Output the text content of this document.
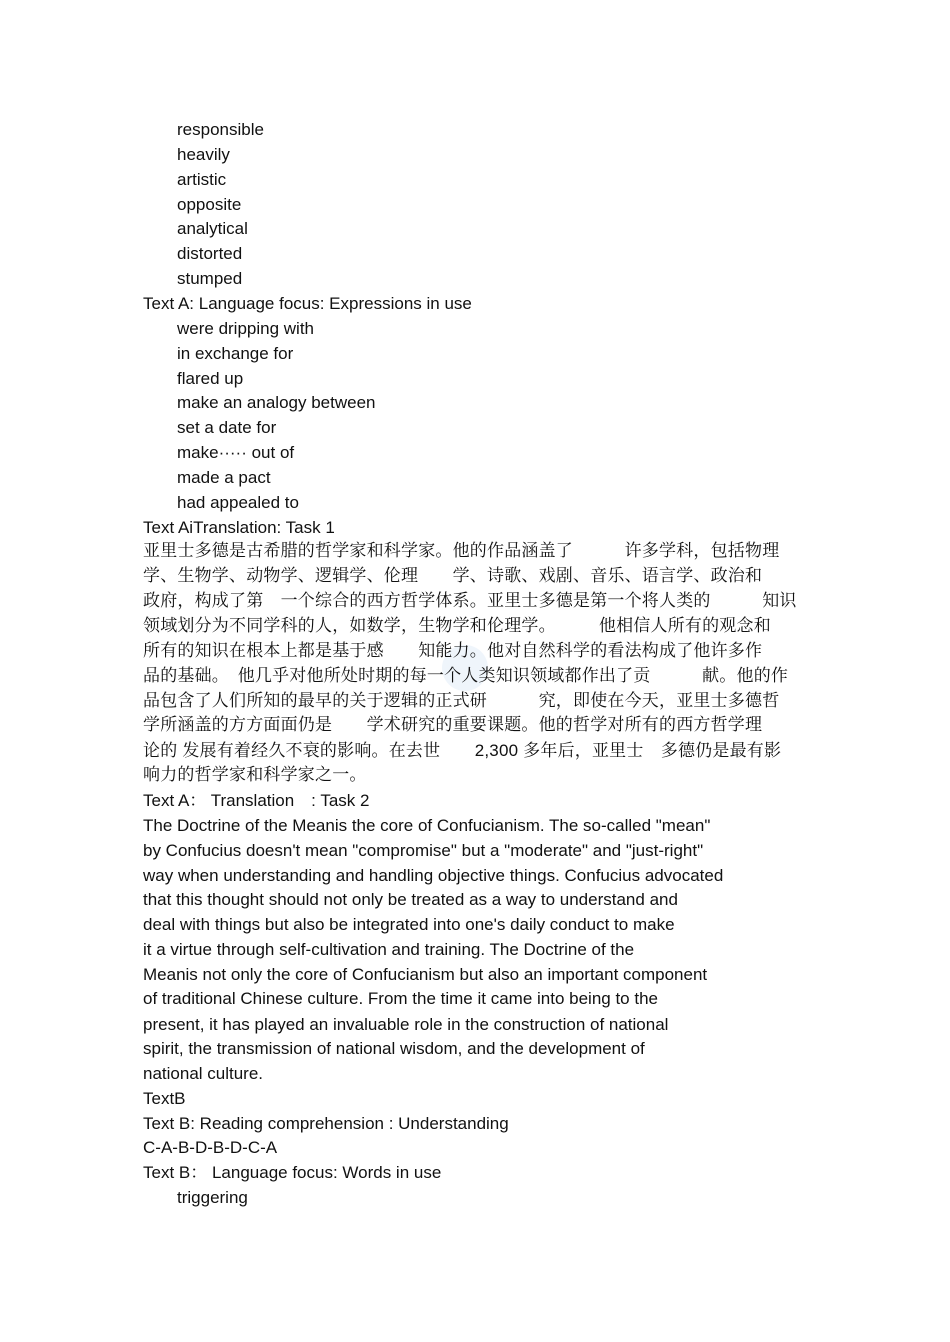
responsible
heavily
artistic
opposite
analytical
distorted
stumped
Text A: Language focus: Expressions in use
were dripping with
in exchange for
flared up
make an analogy between
set a date for
make····· out of
made a pact
had appealed to
Text AiTranslation: Task 1
亚里士多德是古希腊的哲学家和科学家。他的作品涵盖了　　　许多学科，包括物理
学、生物学、动物学、逻辑学、伦理　　学、诗歌、戏剧、音乐、语言学、政治和
政府，构成了第　一个综合的西方哲学体系。亚里士多德是第一个将人类的　　　知识
领域划分为不同学科的人，如数学，生物学和伦理学。　　　他相信人所有的观念和
所有的知识在根本上都是基于感　　知能力。他对自然科学的看法构成了他许多作
品的基础。　他几乎对他所处时期的每一个人类知识领域都作出了贡　　　献。他的作
品包含了人们所知的最早的关于逻辑的正式研　　　究，即使在今天，亚里士多德哲
学所涵盖的方方面面仍是　　学术研究的重要课题。他的哲学对所有的西方哲学理
论的 发展有着经久不衰的影响。在去世　　2,300 多年后，亚里士　多德仍是最有影
响力的哲学家和科学家之一。
Text A： Translation　: Task 2
The Doctrine of the Meanis the core of Confucianism. The so-called "mean"
by Confucius doesn't mean "compromise" but a "moderate" and "just-right"
way when understanding and handling objective things. Confucius advocated
that this thought should not only be treated as a way to understand and
deal with things but also be integrated into one's daily conduct to make
it a virtue through self-cultivation and training. The Doctrine of the
Meanis not only the core of Confucianism but also an important component
of traditional Chinese culture. From the time it came into being to the
present, it has played an invaluable role in the construction of national
spirit, the transmission of national wisdom, and the development of
national culture.
TextB
Text B: Reading comprehension : Understanding
C-A-B-D-B-D-C-A
Text B： Language focus: Words in use
triggering
